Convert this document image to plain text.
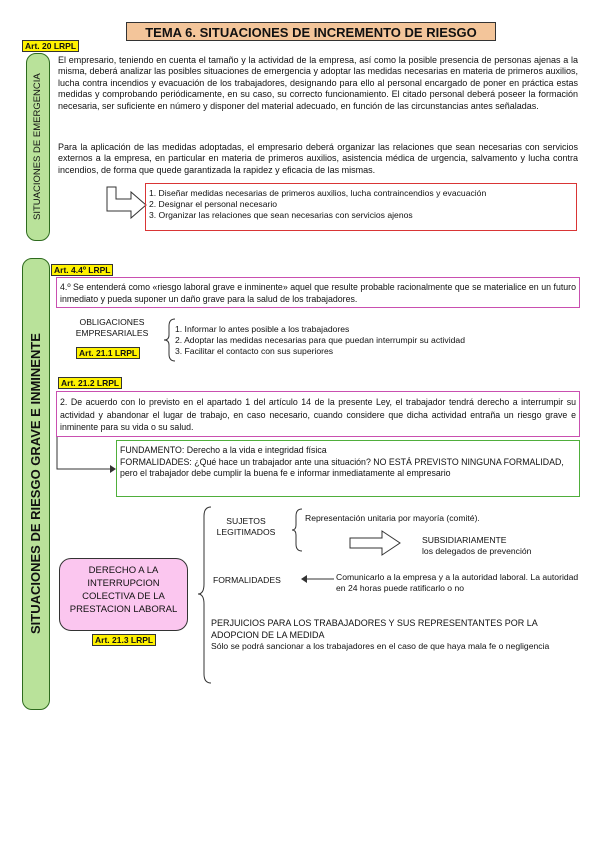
TEMA 6. SITUACIONES DE INCREMENTO DE RIESGO
Art. 20 LRPL
SITUACIONES DE EMERGENCIA
El empresario, teniendo en cuenta el tamaño y la actividad de la empresa, así como la posible presencia de personas ajenas a la misma, deberá analizar las posibles situaciones de emergencia y adoptar las medidas necesarias en materia de primeros auxilios, lucha contra incendios y evacuación de los trabajadores, designando para ello al personal encargado de poner en práctica estas medidas y comprobando periódicamente, en su caso, su correcto funcionamiento. El citado personal deberá poseer la formación necesaria, ser suficiente en número y disponer del material adecuado, en función de las circunstancias antes señaladas.
Para la aplicación de las medidas adoptadas, el empresario deberá organizar las relaciones que sean necesarias con servicios externos a la empresa, en particular en materia de primeros auxilios, asistencia médica de urgencia, salvamento y lucha contra incendios, de forma que quede garantizada la rapidez y eficacia de las mismas.
1. Diseñar medidas necesarias de primeros auxilios, lucha contraincendios y evacuación
2. Designar el personal necesario
3. Organizar las relaciones que sean necesarias con servicios ajenos
SITUACIONES DE RIESGO GRAVE E INMINENTE
Art. 4.4º LRPL
4.º Se entenderá como «riesgo laboral grave e inminente» aquel que resulte probable racionalmente que se materialice en un futuro inmediato y pueda suponer un daño grave para la salud de los trabajadores.
OBLIGACIONES EMPRESARIALES
Art. 21.1 LRPL
1. Informar lo antes posible a los trabajadores
2. Adoptar las medidas necesarias para que puedan interrumpir su actividad
3. Facilitar el contacto con sus superiores
Art. 21.2 LRPL
2. De acuerdo con lo previsto en el apartado 1 del artículo 14 de la presente Ley, el trabajador tendrá derecho a interrumpir su actividad y abandonar el lugar de trabajo, en caso necesario, cuando considere que dicha actividad entraña un riesgo grave e inminente para su vida o su salud.
FUNDAMENTO: Derecho a la vida e integridad física
FORMALIDADES: ¿Qué hace un trabajador ante una situación? NO ESTÁ PREVISTO NINGUNA FORMALIDAD, pero el trabajador debe cumplir la buena fe e informar inmediatamente al empresario
DERECHO A LA INTERRUPCION COLECTIVA DE LA PRESTACION LABORAL
Art. 21.3 LRPL
SUJETOS LEGITIMADOS
Representación unitaria por mayoría (comité).
SUBSIDIARIAMENTE
los delegados de prevención
FORMALIDADES	Comunicarlo a la empresa y a la autoridad laboral. La autoridad en 24 horas puede ratificarlo o no
PERJUICIOS PARA LOS TRABAJADORES Y SUS REPRESENTANTES POR LA ADOPCION DE LA MEDIDA
Sólo se podrá sancionar a los trabajadores en el caso de que haya mala fe o negligencia
